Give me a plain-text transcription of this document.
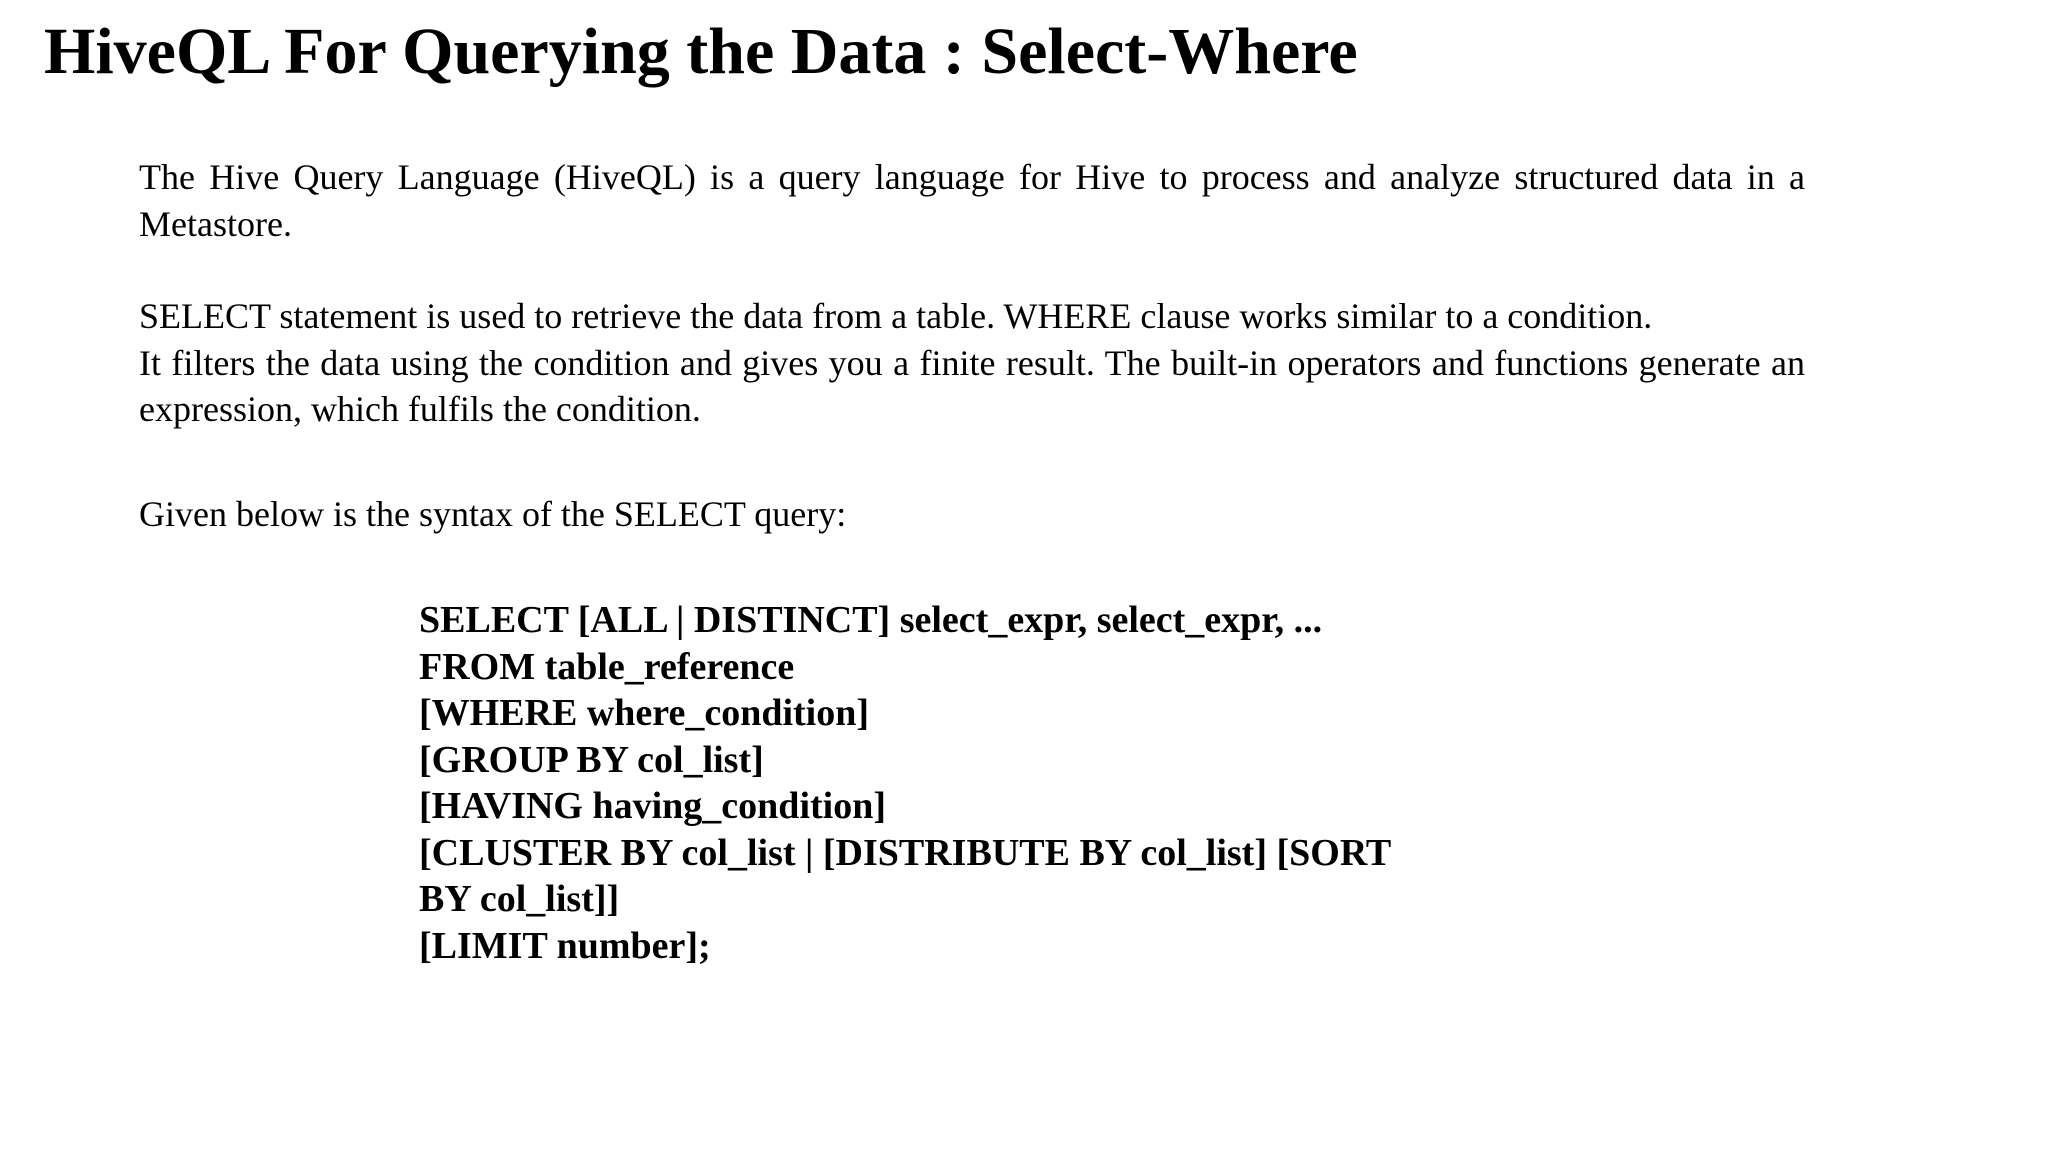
HiveQL For Querying the Data : Select-Where

The Hive Query Language (HiveQL) is a query language for Hive to process and analyze structured data in a Metastore.

SELECT statement is used to retrieve the data from a table. WHERE clause works similar to a condition.

It filters the data using the condition and gives you a finite result. The built-in operators and functions generate an expression, which fulfils the condition.

Given below is the syntax of the SELECT query:

SELECT [ALL | DISTINCT] select_expr, select_expr, ...
FROM table_reference
[WHERE where_condition]
[GROUP BY col_list]
[HAVING having_condition]
[CLUSTER BY col_list | [DISTRIBUTE BY col_list] [SORT
BY col_list]]
[LIMIT number];
